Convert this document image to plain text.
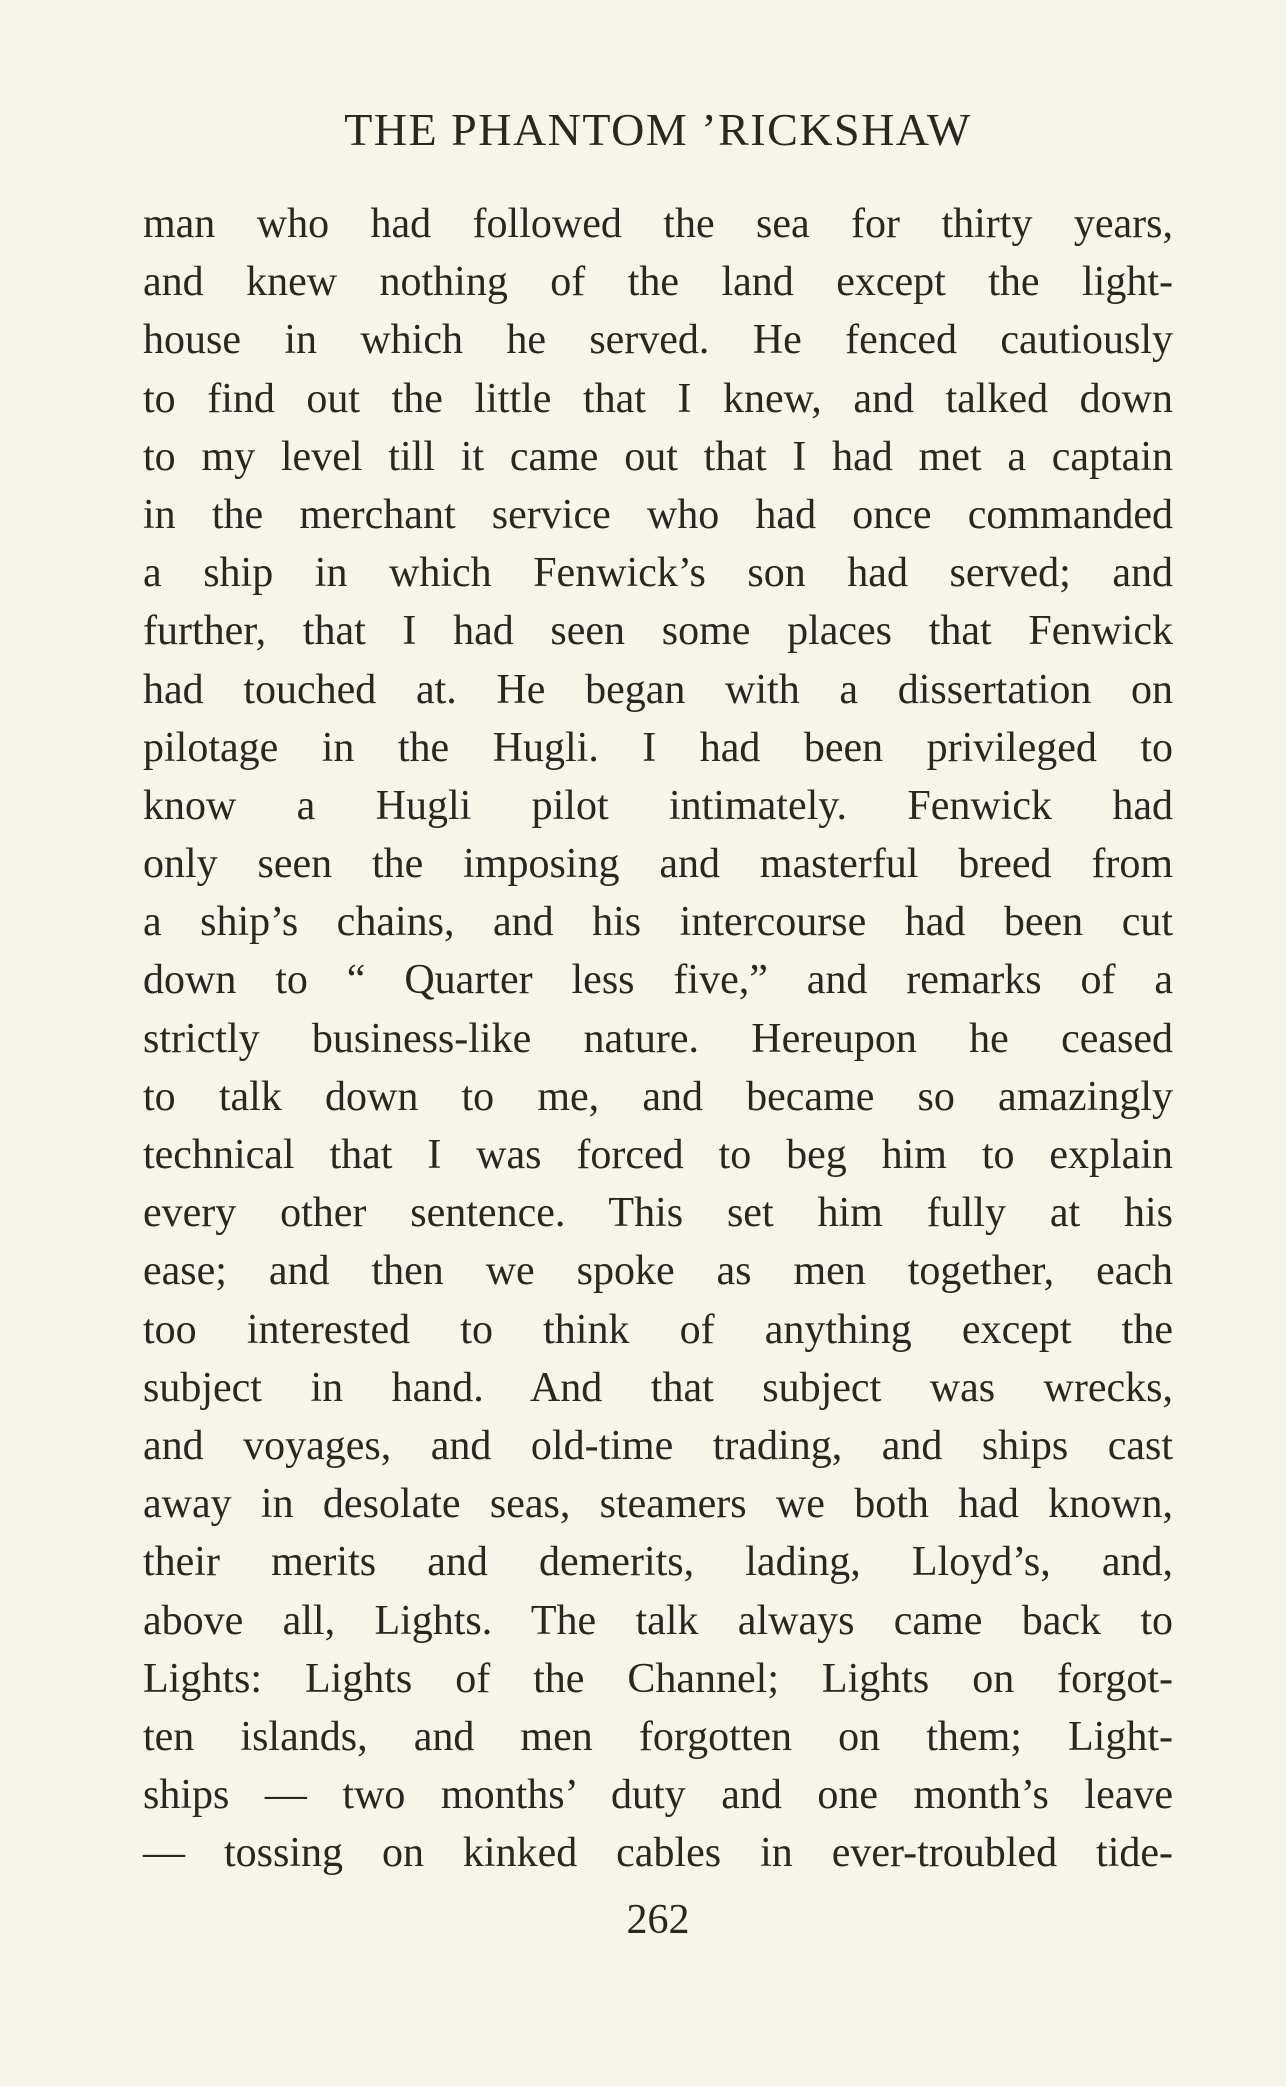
THE PHANTOM ’RICKSHAW
man who had followed the sea for thirty years,
and knew nothing of the land except the light-
house in which he served. He fenced cautiously
to find out the little that I knew, and talked down
to my level till it came out that I had met a captain
in the merchant service who had once commanded
a ship in which Fenwick’s son had served; and
further, that I had seen some places that Fenwick
had touched at. He began with a dissertation on
pilotage in the Hugli. I had been privileged to
know a Hugli pilot intimately. Fenwick had
only seen the imposing and masterful breed from
a ship’s chains, and his intercourse had been cut
down to “ Quarter less five,” and remarks of a
strictly business-like nature. Hereupon he ceased
to talk down to me, and became so amazingly
technical that I was forced to beg him to explain
every other sentence. This set him fully at his
ease; and then we spoke as men together, each
too interested to think of anything except the
subject in hand. And that subject was wrecks,
and voyages, and old-time trading, and ships cast
away in desolate seas, steamers we both had known,
their merits and demerits, lading, Lloyd’s, and,
above all, Lights. The talk always came back to
Lights: Lights of the Channel; Lights on forgot-
ten islands, and men forgotten on them; Light-
ships — two months’ duty and one month’s leave
— tossing on kinked cables in ever-troubled tide-
262
